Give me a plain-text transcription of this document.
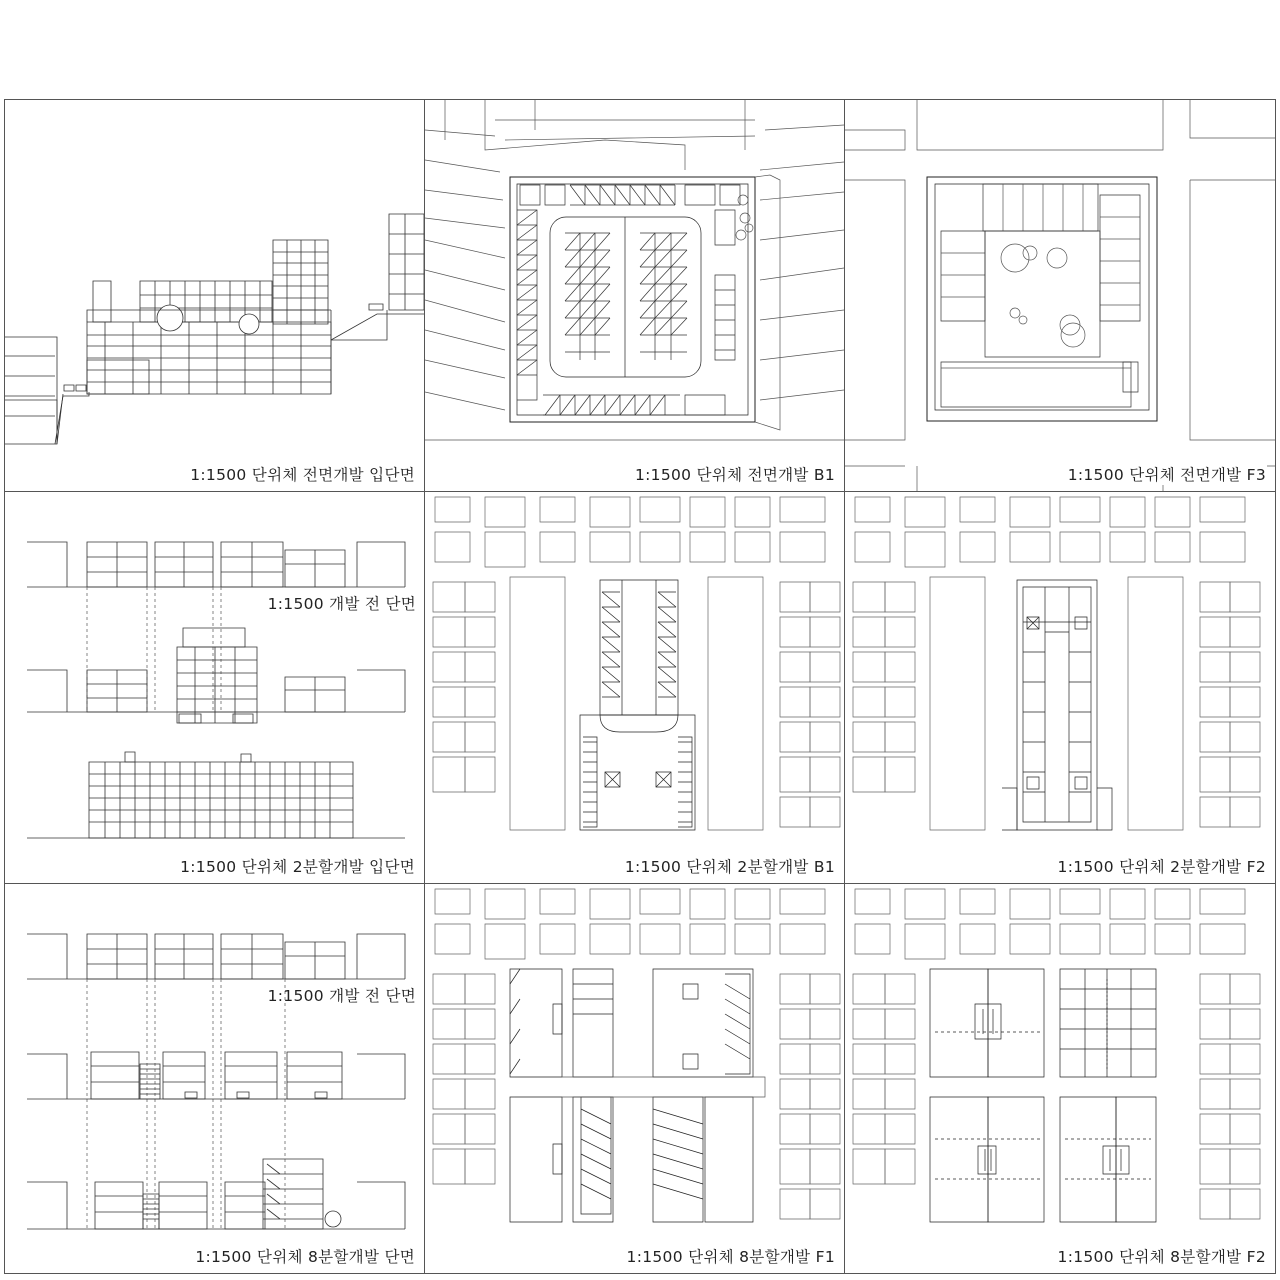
1:1500 단위체 전면개발 입단면	1:1500 단위체 전면개발 B1	1:1500 단위체 전면개발 F3
1:1500 개발 전 단면
1:1500 단위체 2분할개발 입단면	1:1500 단위체 2분할개발 B1	1:1500 단위체 2분할개발 F2
1:1500 개발 전 단면
1:1500 단위체 8분할개발 단면	1:1500 단위체 8분할개발 F1	1:1500 단위체 8분할개발 F2
